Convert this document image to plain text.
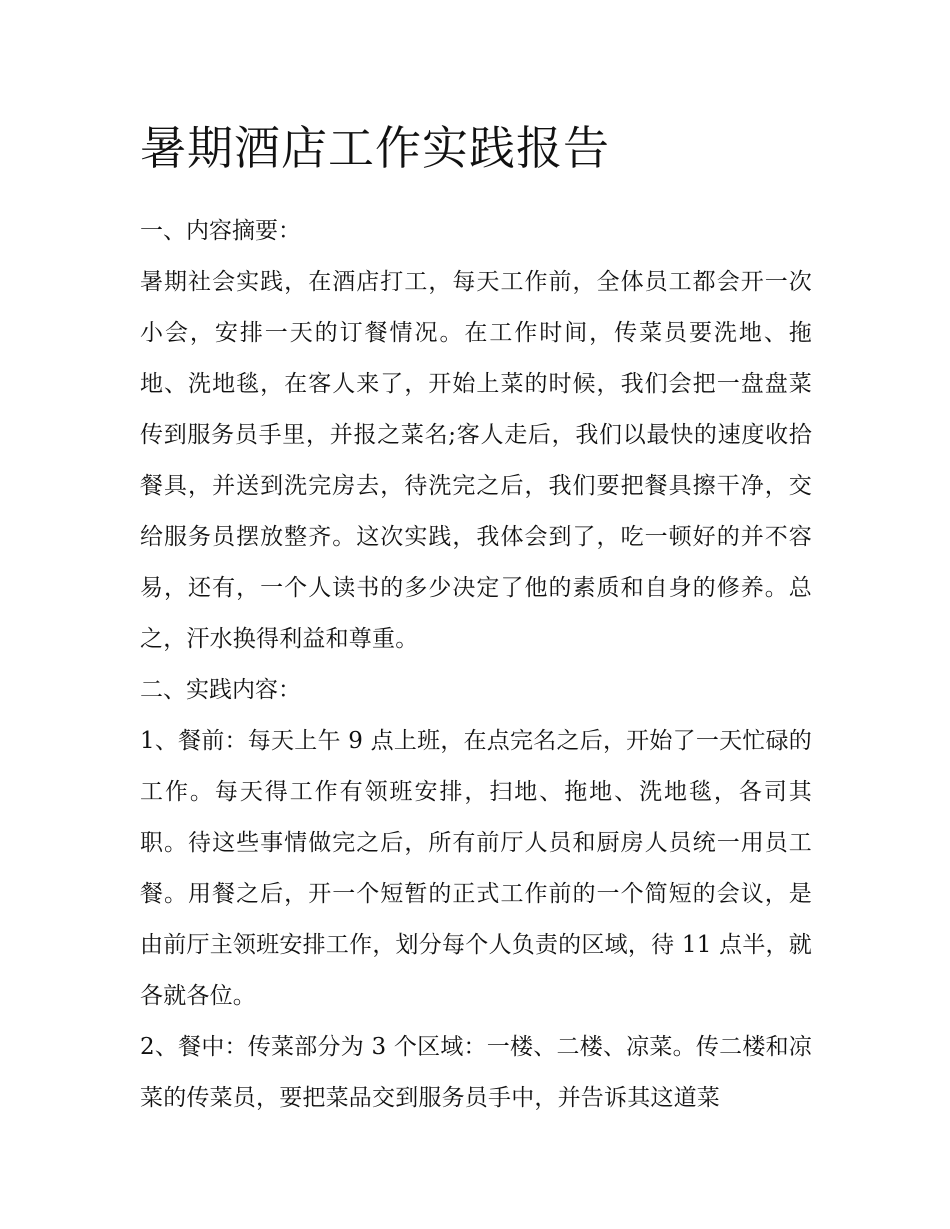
暑期酒店工作实践报告

一、内容摘要：

暑期社会实践，在酒店打工，每天工作前，全体员工都会开一次小会，安排一天的订餐情况。在工作时间，传菜员要洗地、拖地、洗地毯，在客人来了，开始上菜的时候，我们会把一盘盘菜传到服务员手里，并报之菜名;客人走后，我们以最快的速度收拾餐具，并送到洗完房去，待洗完之后，我们要把餐具擦干净，交给服务员摆放整齐。这次实践，我体会到了，吃一顿好的并不容易，还有，一个人读书的多少决定了他的素质和自身的修养。总之，汗水换得利益和尊重。

二、实践内容：

1、餐前：每天上午 9 点上班，在点完名之后，开始了一天忙碌的工作。每天得工作有领班安排，扫地、拖地、洗地毯，各司其职。待这些事情做完之后，所有前厅人员和厨房人员统一用员工餐。用餐之后，开一个短暂的正式工作前的一个简短的会议，是由前厅主领班安排工作，划分每个人负责的区域，待 11 点半，就各就各位。

2、餐中：传菜部分为 3 个区域：一楼、二楼、凉菜。传二楼和凉菜的传菜员，要把菜品交到服务员手中，并告诉其这道菜
